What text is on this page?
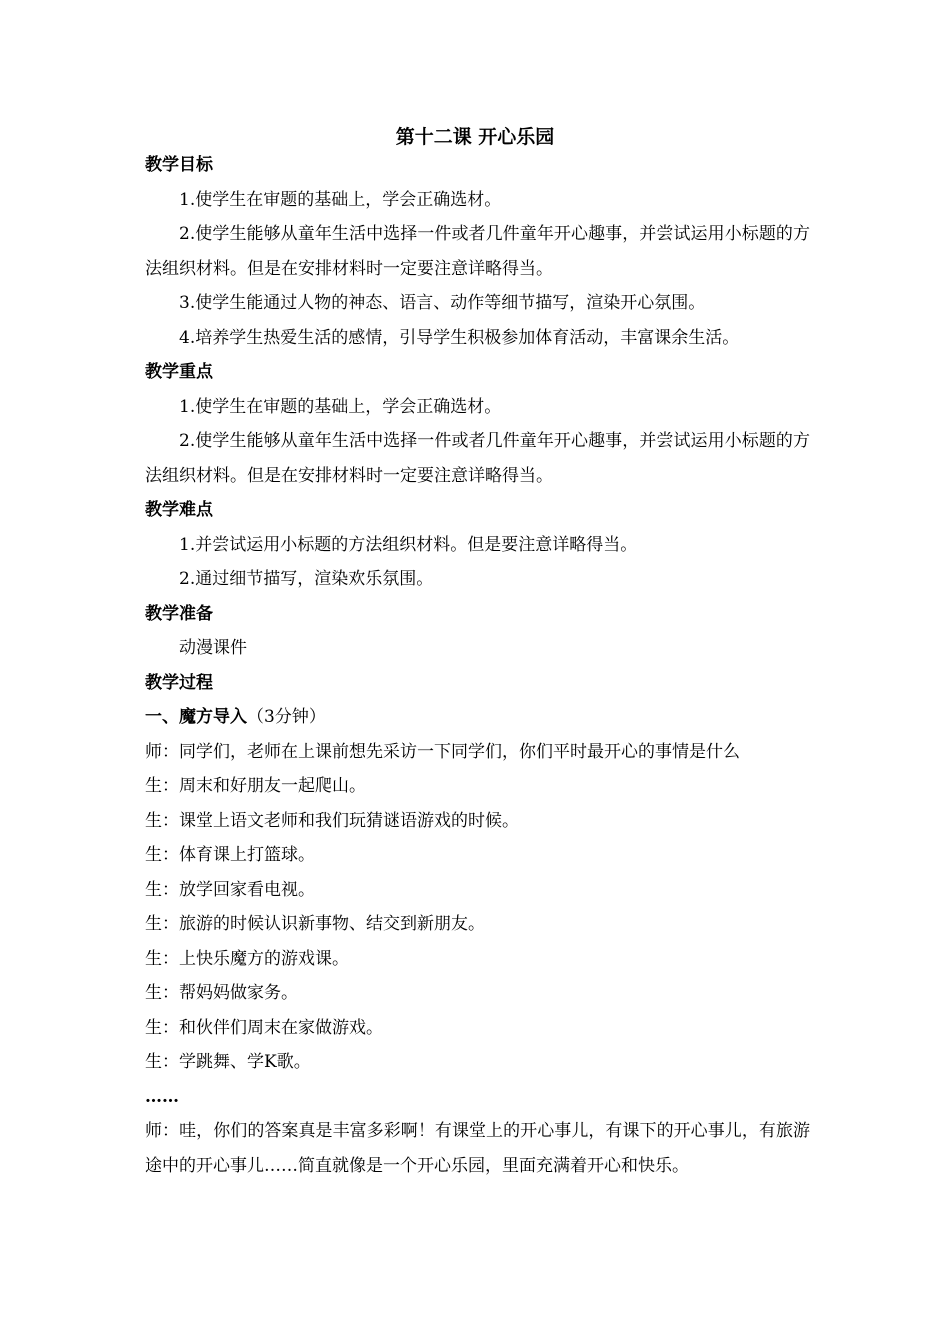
第十二课 开心乐园

教学目标

1.使学生在审题的基础上，学会正确选材。

2.使学生能够从童年生活中选择一件或者几件童年开心趣事，并尝试运用小标题的方法组织材料。但是在安排材料时一定要注意详略得当。

3.使学生能通过人物的神态、语言、动作等细节描写，渲染开心氛围。

4.培养学生热爱生活的感情，引导学生积极参加体育活动，丰富课余生活。

教学重点

1.使学生在审题的基础上，学会正确选材。

2.使学生能够从童年生活中选择一件或者几件童年开心趣事，并尝试运用小标题的方法组织材料。但是在安排材料时一定要注意详略得当。

教学难点

1.并尝试运用小标题的方法组织材料。但是要注意详略得当。

2.通过细节描写，渲染欢乐氛围。

教学准备

动漫课件

教学过程

一、魔方导入（3分钟）

师：同学们，老师在上课前想先采访一下同学们，你们平时最开心的事情是什么

生：周末和好朋友一起爬山。

生：课堂上语文老师和我们玩猜谜语游戏的时候。

生：体育课上打篮球。

生：放学回家看电视。

生：旅游的时候认识新事物、结交到新朋友。

生：上快乐魔方的游戏课。

生：帮妈妈做家务。

生：和伙伴们周末在家做游戏。

生：学跳舞、学K歌。

……

师：哇，你们的答案真是丰富多彩啊！有课堂上的开心事儿，有课下的开心事儿，有旅游途中的开心事儿……简直就像是一个开心乐园，里面充满着开心和快乐。
